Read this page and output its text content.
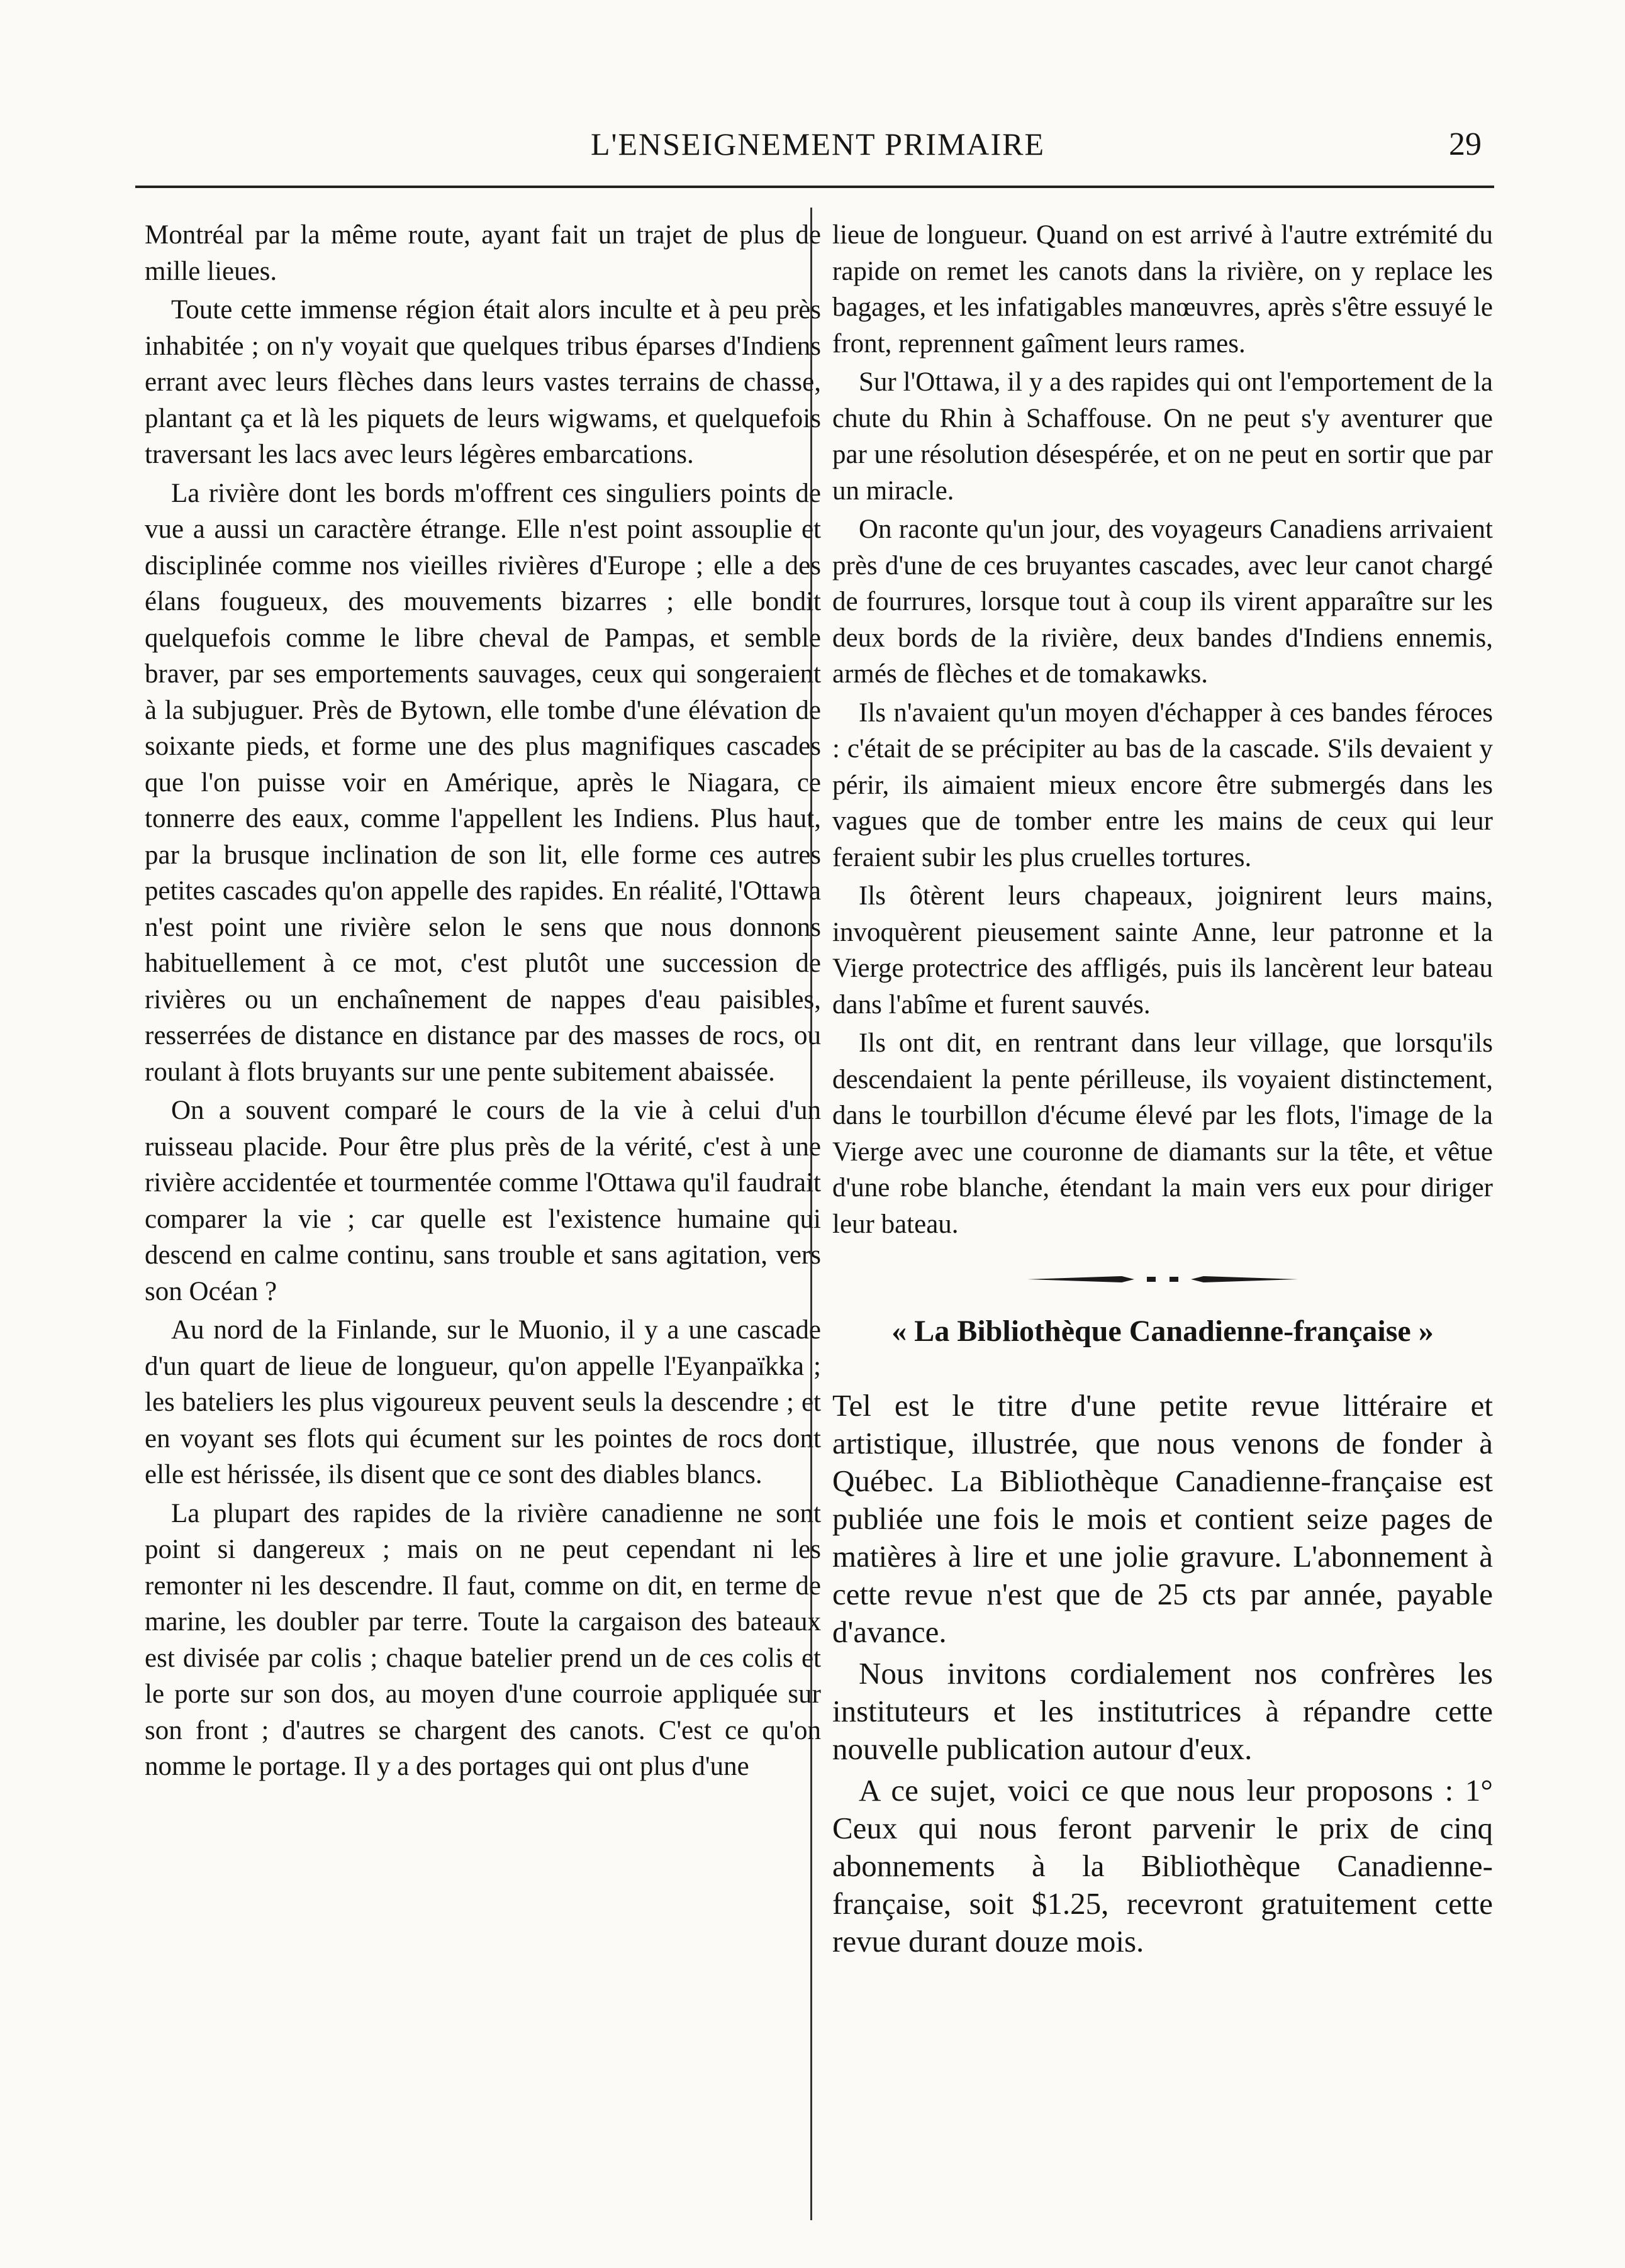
L'ENSEIGNEMENT PRIMAIRE	29

Montréal par la même route, ayant fait un trajet de plus de mille lieues.

Toute cette immense région était alors inculte et à peu près inhabitée ; on n'y voyait que quelques tribus éparses d'Indiens errant avec leurs flèches dans leurs vastes terrains de chasse, plantant ça et là les piquets de leurs wigwams, et quelquefois traversant les lacs avec leurs légères embarcations.

La rivière dont les bords m'offrent ces singuliers points de vue a aussi un caractère étrange. Elle n'est point assouplie et disciplinée comme nos vieilles rivières d'Europe ; elle a des élans fougueux, des mouvements bizarres ; elle bondit quelquefois comme le libre cheval de Pampas, et semble braver, par ses emportements sauvages, ceux qui songeraient à la subjuguer. Près de Bytown, elle tombe d'une élévation de soixante pieds, et forme une des plus magnifiques cascades que l'on puisse voir en Amérique, après le Niagara, ce tonnerre des eaux, comme l'appellent les Indiens. Plus haut, par la brusque inclination de son lit, elle forme ces autres petites cascades qu'on appelle des rapides. En réalité, l'Ottawa n'est point une rivière selon le sens que nous donnons habituellement à ce mot, c'est plutôt une succession de rivières ou un enchaînement de nappes d'eau paisibles, resserrées de distance en distance par des masses de rocs, ou roulant à flots bruyants sur une pente subitement abaissée.

On a souvent comparé le cours de la vie à celui d'un ruisseau placide. Pour être plus près de la vérité, c'est à une rivière accidentée et tourmentée comme l'Ottawa qu'il faudrait comparer la vie ; car quelle est l'existence humaine qui descend en calme continu, sans trouble et sans agitation, vers son Océan ?

Au nord de la Finlande, sur le Muonio, il y a une cascade d'un quart de lieue de longueur, qu'on appelle l'Eyanpaïkka ; les bateliers les plus vigoureux peuvent seuls la descendre ; et en voyant ses flots qui écument sur les pointes de rocs dont elle est hérissée, ils disent que ce sont des diables blancs.

La plupart des rapides de la rivière canadienne ne sont point si dangereux ; mais on ne peut cependant ni les remonter ni les descendre. Il faut, comme on dit, en terme de marine, les doubler par terre. Toute la cargaison des bateaux est divisée par colis ; chaque batelier prend un de ces colis et le porte sur son dos, au moyen d'une courroie appliquée sur son front ; d'autres se chargent des canots. C'est ce qu'on nomme le portage. Il y a des portages qui ont plus d'une

lieue de longueur. Quand on est arrivé à l'autre extrémité du rapide on remet les canots dans la rivière, on y replace les bagages, et les infatigables manœuvres, après s'être essuyé le front, reprennent gaîment leurs rames.

Sur l'Ottawa, il y a des rapides qui ont l'emportement de la chute du Rhin à Schaffouse. On ne peut s'y aventurer que par une résolution désespérée, et on ne peut en sortir que par un miracle.

On raconte qu'un jour, des voyageurs Canadiens arrivaient près d'une de ces bruyantes cascades, avec leur canot chargé de fourrures, lorsque tout à coup ils virent apparaître sur les deux bords de la rivière, deux bandes d'Indiens ennemis, armés de flèches et de tomakawks.

Ils n'avaient qu'un moyen d'échapper à ces bandes féroces : c'était de se précipiter au bas de la cascade. S'ils devaient y périr, ils aimaient mieux encore être submergés dans les vagues que de tomber entre les mains de ceux qui leur feraient subir les plus cruelles tortures.

Ils ôtèrent leurs chapeaux, joignirent leurs mains, invoquèrent pieusement sainte Anne, leur patronne et la Vierge protectrice des affligés, puis ils lancèrent leur bateau dans l'abîme et furent sauvés.

Ils ont dit, en rentrant dans leur village, que lorsqu'ils descendaient la pente périlleuse, ils voyaient distinctement, dans le tourbillon d'écume élevé par les flots, l'image de la Vierge avec une couronne de diamants sur la tête, et vêtue d'une robe blanche, étendant la main vers eux pour diriger leur bateau.

« La Bibliothèque Canadienne-française »

Tel est le titre d'une petite revue littéraire et artistique, illustrée, que nous venons de fonder à Québec. La Bibliothèque Canadienne-française est publiée une fois le mois et contient seize pages de matières à lire et une jolie gravure. L'abonnement à cette revue n'est que de 25 cts par année, payable d'avance.

Nous invitons cordialement nos confrères les instituteurs et les institutrices à répandre cette nouvelle publication autour d'eux.

A ce sujet, voici ce que nous leur proposons : 1° Ceux qui nous feront parvenir le prix de cinq abonnements à la Bibliothèque Canadienne-française, soit $1.25, recevront gratuitement cette revue durant douze mois.
